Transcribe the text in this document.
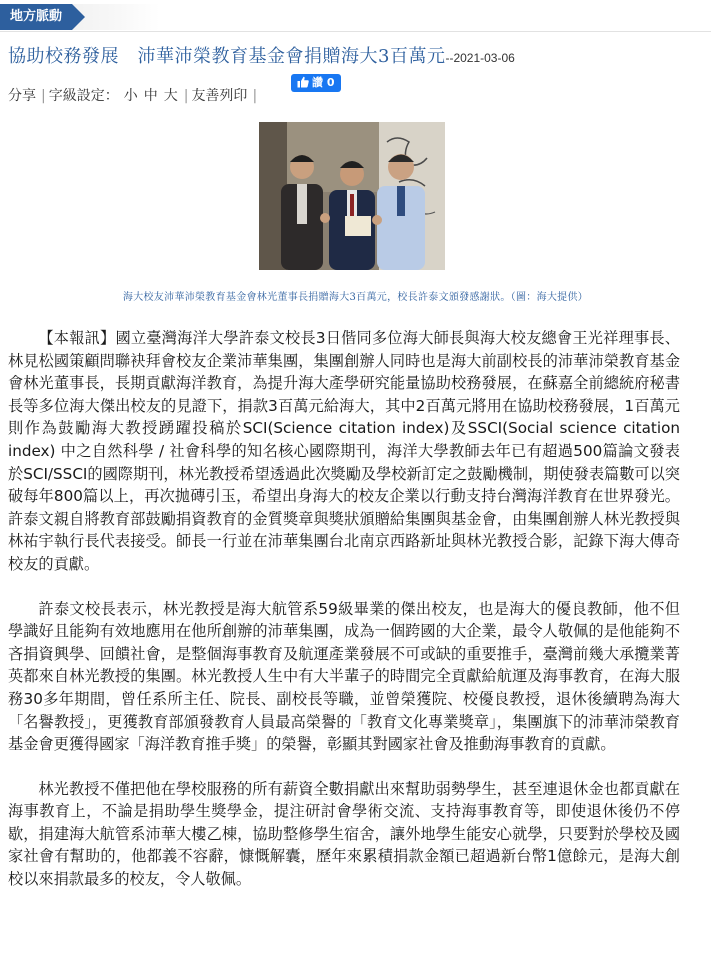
地方脈動
協助校務發展　沛華沛榮教育基金會捐贈海大3百萬元--2021-03-06
讚 0
分享 | 字級設定： 小 中 大 | 友善列印 |
海大校友沛華沛榮教育基金會林光董事長捐贈海大3百萬元，校長許泰文頒發感謝狀。（圖：海大提供）

【本報訊】國立臺灣海洋大學許泰文校長3日偕同多位海大師長與海大校友總會王光祥理事長、林見松國策顧問聯袂拜會校友企業沛華集團，集團創辦人同時也是海大前副校長的沛華沛榮教育基金會林光董事長，長期貢獻海洋教育，為提升海大產學研究能量協助校務發展，在蘇嘉全前總統府秘書長等多位海大傑出校友的見證下，捐款3百萬元給海大，其中2百萬元將用在協助校務發展，1百萬元則作為鼓勵海大教授踴躍投稿於SCI(Science citation index)及SSCI(Social science citation index) 中之自然科學 / 社會科學的知名核心國際期刊，海洋大學教師去年已有超過500篇論文發表於SCI/SSCI的國際期刊，林光教授希望透過此次獎勵及學校新訂定之鼓勵機制，期使發表篇數可以突破每年800篇以上，再次拋磚引玉，希望出身海大的校友企業以行動支持台灣海洋教育在世界發光。許泰文親自將教育部鼓勵捐資教育的金質獎章與獎狀頒贈給集團與基金會，由集團創辦人林光教授與林祐宇執行長代表接受。師長一行並在沛華集團台北南京西路新址與林光教授合影，記錄下海大傳奇校友的貢獻。

許泰文校長表示，林光教授是海大航管系59級畢業的傑出校友，也是海大的優良教師，他不但學識好且能夠有效地應用在他所創辦的沛華集團，成為一個跨國的大企業，最令人敬佩的是他能夠不吝捐資興學、回饋社會，是整個海事教育及航運產業發展不可或缺的重要推手，臺灣前幾大承攬業菁英都來自林光教授的集團。林光教授人生中有大半輩子的時間完全貢獻給航運及海事教育，在海大服務30多年期間，曾任系所主任、院長、副校長等職，並曾榮獲院、校優良教授，退休後續聘為海大「名譽教授」，更獲教育部頒發教育人員最高榮譽的「教育文化專業獎章」，集團旗下的沛華沛榮教育基金會更獲得國家「海洋教育推手獎」的榮譽，彰顯其對國家社會及推動海事教育的貢獻。

林光教授不僅把他在學校服務的所有薪資全數捐獻出來幫助弱勢學生，甚至連退休金也都貢獻在海事教育上，不論是捐助學生獎學金，提注研討會學術交流、支持海事教育等，即使退休後仍不停歇，捐建海大航管系沛華大樓乙棟，協助整修學生宿舍，讓外地學生能安心就學，只要對於學校及國家社會有幫助的，他都義不容辭，慷慨解囊，歷年來累積捐款金額已超過新台幣1億餘元，是海大創校以來捐款最多的校友，令人敬佩。
